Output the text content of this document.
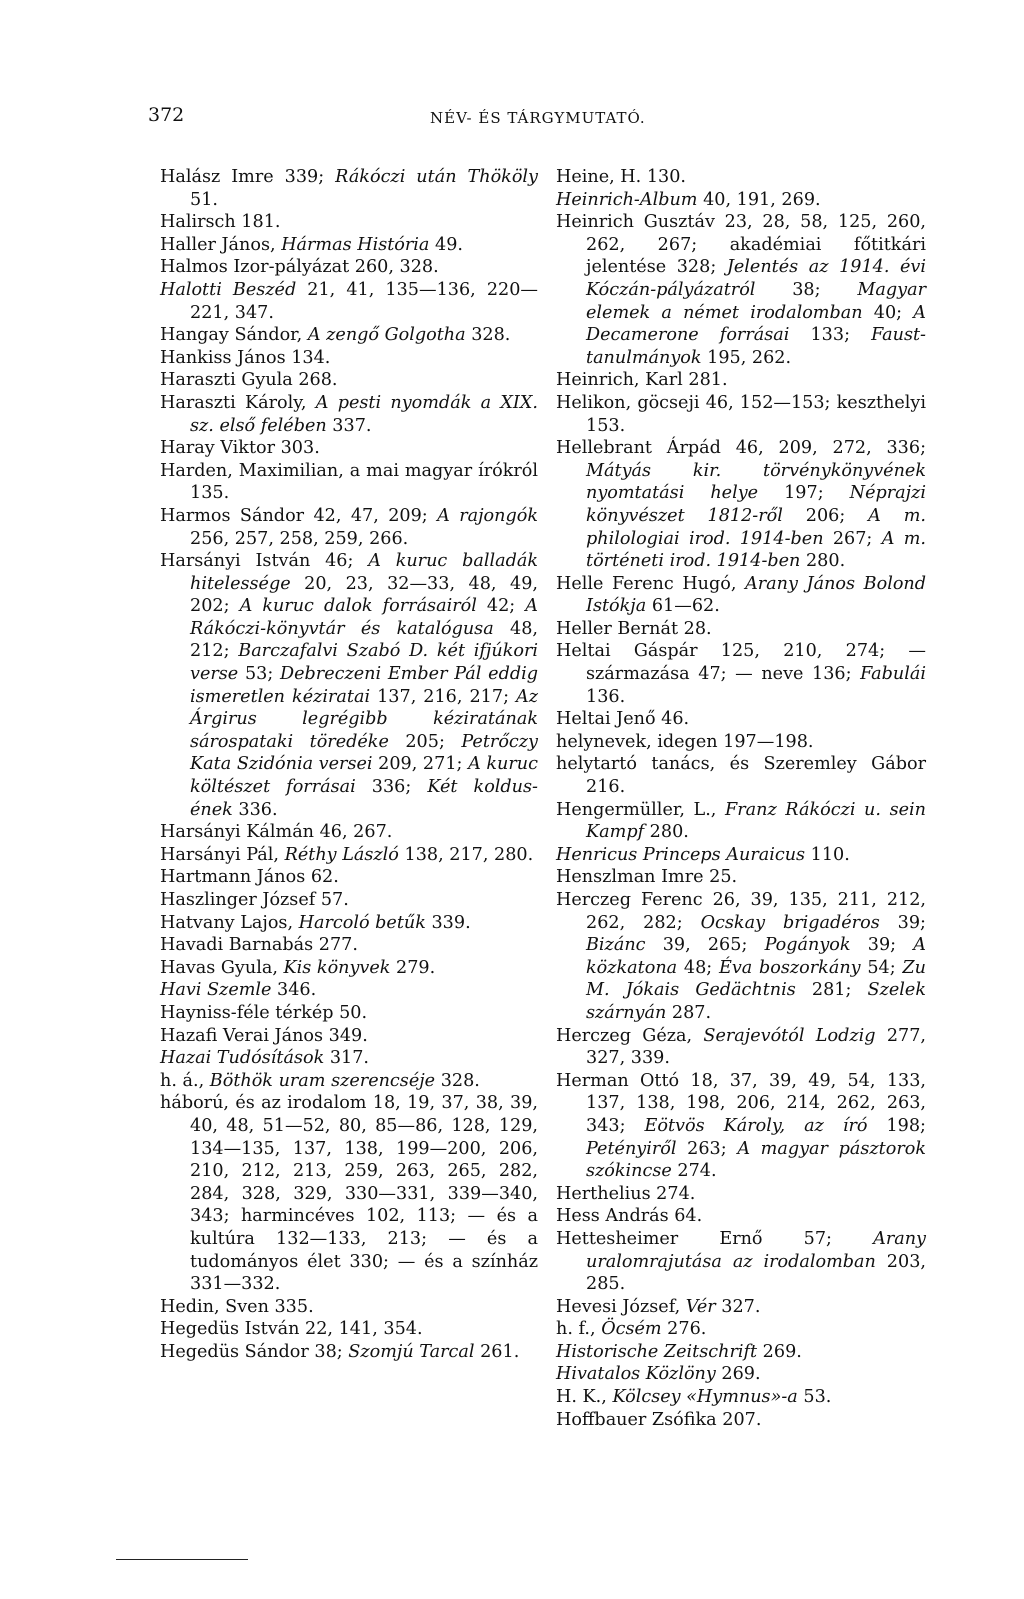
372	NÉV- ÉS TÁRGYMUTATÓ.

Halász Imre 339; Rákóczi után Thököly 51.

Halirsch 181.

Haller János, Hármas História 49.

Halmos Izor-pályázat 260, 328.

Halotti Beszéd 21, 41, 135—136, 220—221, 347.

Hangay Sándor, A zengő Golgotha 328.

Hankiss János 134.

Haraszti Gyula 268.

Haraszti Károly, A pesti nyomdák a XIX. sz. első felében 337.

Haray Viktor 303.

Harden, Maximilian, a mai magyar írókról 135.

Harmos Sándor 42, 47, 209; A rajongók 256, 257, 258, 259, 266.

Harsányi István 46; A kuruc balladák hitelessége 20, 23, 32—33, 48, 49, 202; A kuruc dalok forrásairól 42; A Rákóczi-könyvtár és katalógusa 48, 212; Barczafalvi Szabó D. két ifjúkori verse 53; Debreczeni Ember Pál eddig ismeretlen kéziratai 137, 216, 217; Az Árgirus legrégibb kéziratának sárospataki töredéke 205; Petrőczy Kata Szidónia versei 209, 271; A kuruc költészet forrásai 336; Két koldus-ének 336.

Harsányi Kálmán 46, 267.

Harsányi Pál, Réthy László 138, 217, 280.

Hartmann János 62.

Haszlinger József 57.

Hatvany Lajos, Harcoló betűk 339.

Havadi Barnabás 277.

Havas Gyula, Kis könyvek 279.

Havi Szemle 346.

Hayniss-féle térkép 50.

Hazafi Verai János 349.

Hazai Tudósítások 317.

h. á., Böthök uram szerencséje 328.

háború, és az irodalom 18, 19, 37, 38, 39, 40, 48, 51—52, 80, 85—86, 128, 129, 134—135, 137, 138, 199—200, 206, 210, 212, 213, 259, 263, 265, 282, 284, 328, 329, 330—331, 339—340, 343; harmincéves 102, 113; — és a kultúra 132—133, 213; — és a tudományos élet 330; — és a színház 331—332.

Hedin, Sven 335.

Hegedüs István 22, 141, 354.

Hegedüs Sándor 38; Szomjú Tarcal 261.

Heine, H. 130.

Heinrich-Album 40, 191, 269.

Heinrich Gusztáv 23, 28, 58, 125, 260, 262, 267; akadémiai főtitkári jelentése 328; Jelentés az 1914. évi Kóczán-pályázatról 38; Magyar elemek a német irodalomban 40; A Decamerone forrásai 133; Faust-tanulmányok 195, 262.

Heinrich, Karl 281.

Helikon, göcseji 46, 152—153; keszthelyi 153.

Hellebrant Árpád 46, 209, 272, 336; Mátyás kir. törvénykönyvének nyomtatási helye 197; Néprajzi könyvészet 1812-ről 206; A m. philologiai irod. 1914-ben 267; A m. történeti irod. 1914-ben 280.

Helle Ferenc Hugó, Arany János Bolond Istókja 61—62.

Heller Bernát 28.

Heltai Gáspár 125, 210, 274; — származása 47; — neve 136; Fabulái 136.

Heltai Jenő 46.

helynevek, idegen 197—198.

helytartó tanács, és Szeremley Gábor 216.

Hengermüller, L., Franz Rákóczi u. sein Kampf 280.

Henricus Princeps Auraicus 110.

Henszlman Imre 25.

Herczeg Ferenc 26, 39, 135, 211, 212, 262, 282; Ocskay brigadéros 39; Bizánc 39, 265; Pogányok 39; A közkatona 48; Éva boszorkány 54; Zu M. Jókais Gedächtnis 281; Szelek szárnyán 287.

Herczeg Géza, Serajevótól Lodzig 277, 327, 339.

Herman Ottó 18, 37, 39, 49, 54, 133, 137, 138, 198, 206, 214, 262, 263, 343; Eötvös Károly, az író 198; Petényiről 263; A magyar pásztorok szókincse 274.

Herthelius 274.

Hess András 64.

Hettesheimer Ernő 57; Arany uralomrajutása az irodalomban 203, 285.

Hevesi József, Vér 327.

h. f., Öcsém 276.

Historische Zeitschrift 269.

Hivatalos Közlöny 269.

H. K., Kölcsey «Hymnus»-a 53.

Hoffbauer Zsófika 207.
